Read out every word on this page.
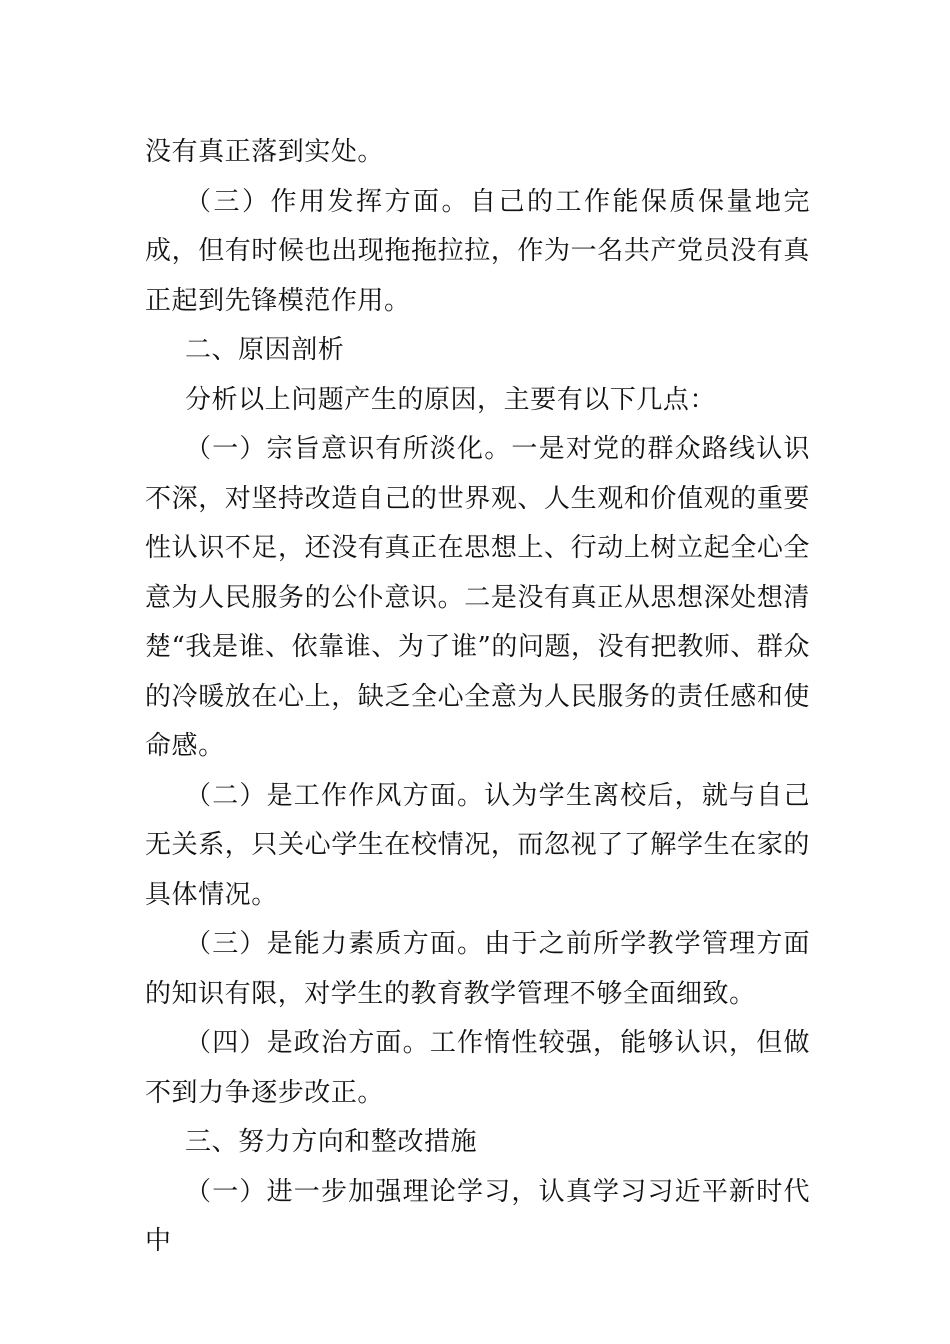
没有真正落到实处。

（三）作用发挥方面。自己的工作能保质保量地完成，但有时候也出现拖拖拉拉，作为一名共产党员没有真正起到先锋模范作用。

二、原因剖析

分析以上问题产生的原因，主要有以下几点：

（一）宗旨意识有所淡化。一是对党的群众路线认识不深，对坚持改造自己的世界观、人生观和价值观的重要性认识不足，还没有真正在思想上、行动上树立起全心全意为人民服务的公仆意识。二是没有真正从思想深处想清楚“我是谁、依靠谁、为了谁”的问题，没有把教师、群众的冷暖放在心上，缺乏全心全意为人民服务的责任感和使命感。

（二）是工作作风方面。认为学生离校后，就与自己无关系，只关心学生在校情况，而忽视了了解学生在家的具体情况。

（三）是能力素质方面。由于之前所学教学管理方面的知识有限，对学生的教育教学管理不够全面细致。

（四）是政治方面。工作惰性较强，能够认识，但做不到力争逐步改正。

三、努力方向和整改措施

（一）进一步加强理论学习，认真学习习近平新时代中
